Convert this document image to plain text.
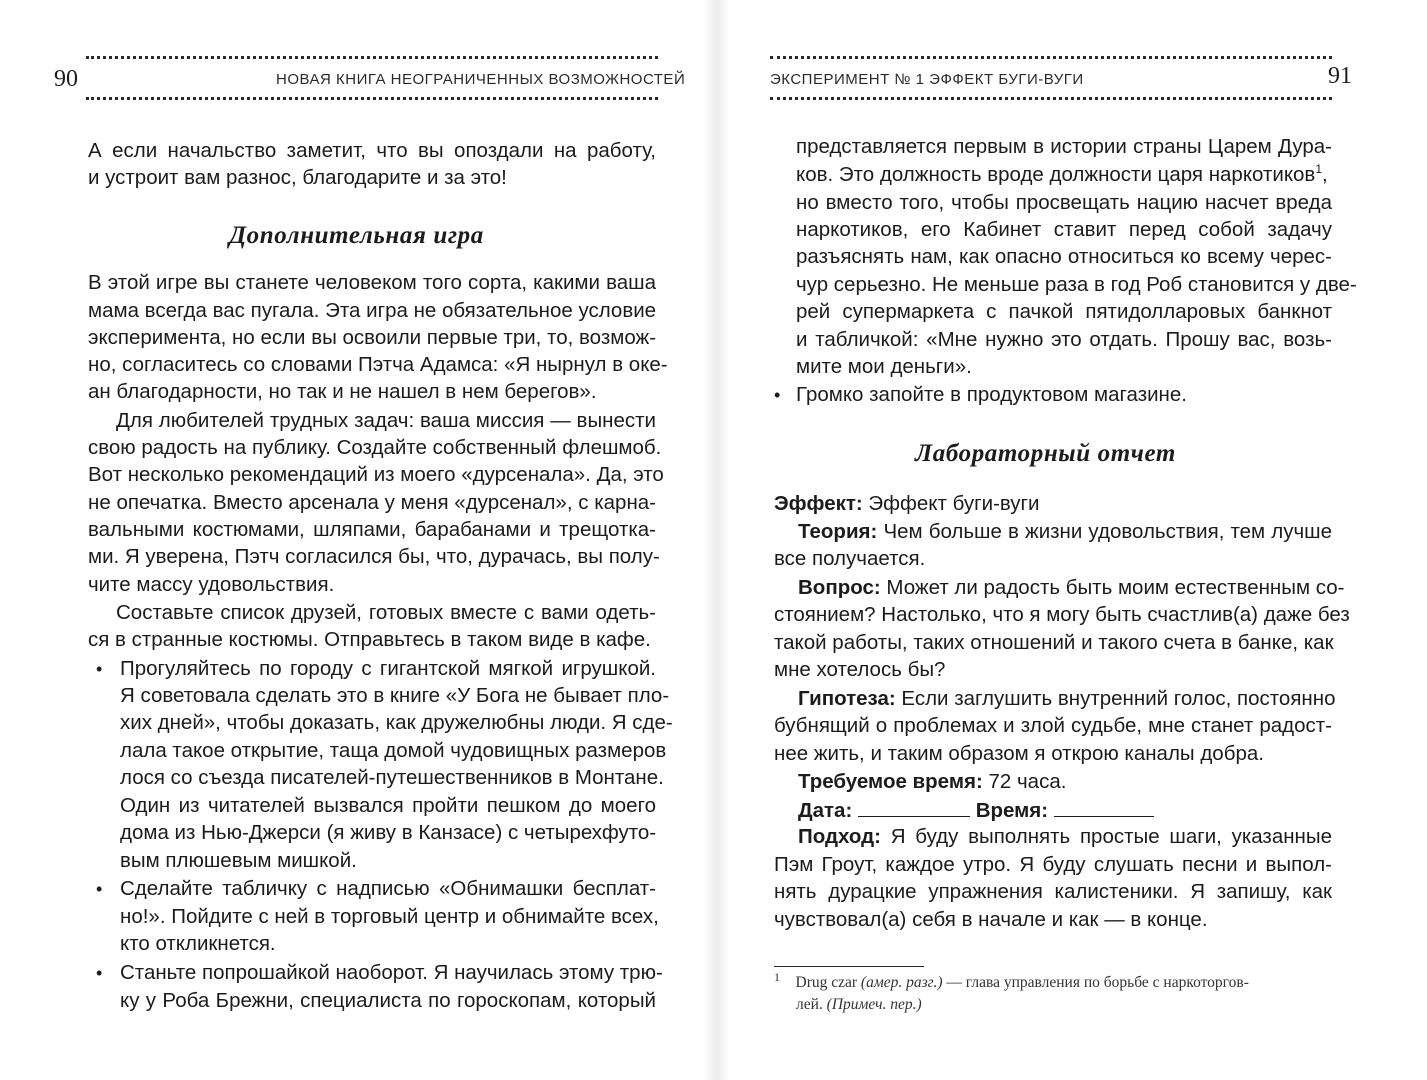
90	НОВАЯ КНИГА НЕОГРАНИЧЕННЫХ ВОЗМОЖНОСТЕЙ
А если начальство заметит, что вы опоздали на работу,
и устроит вам разнос, благодарите и за это!
Дополнительная игра
В этой игре вы станете человеком того сорта, какими ваша
мама всегда вас пугала. Эта игра не обязательное условие
эксперимента, но если вы освоили первые три, то, возмож-
но, согласитесь со словами Пэтча Адамса: «Я нырнул в оке-
ан благодарности, но так и не нашел в нем берегов».
Для любителей трудных задач: ваша миссия — вынести
свою радость на публику. Создайте собственный флешмоб.
Вот несколько рекомендаций из моего «дурсенала». Да, это
не опечатка. Вместо арсенала у меня «дурсенал», с карна-
вальными костюмами, шляпами, барабанами и трещотка-
ми. Я уверена, Пэтч согласился бы, что, дурачась, вы полу-
чите массу удовольствия.
Составьте список друзей, готовых вместе с вами одеть-
ся в странные костюмы. Отправьтесь в таком виде в кафе.
• Прогуляйтесь по городу с гигантской мягкой игрушкой.
Я советовала сделать это в книге «У Бога не бывает пло-
хих дней», чтобы доказать, как дружелюбны люди. Я сде-
лала такое открытие, таща домой чудовищных размеров
лося со съезда писателей-путешественников в Монтане.
Один из читателей вызвался пройти пешком до моего
дома из Нью-Джерси (я живу в Канзасе) с четырехфуто-
вым плюшевым мишкой.
• Сделайте табличку с надписью «Обнимашки бесплат-
но!». Пойдите с ней в торговый центр и обнимайте всех,
кто откликнется.
• Станьте попрошайкой наоборот. Я научилась этому трю-
ку у Роба Брежни, специалиста по гороскопам, который
ЭКСПЕРИМЕНТ № 1 ЭФФЕКТ БУГИ-ВУГИ	91
представляется первым в истории страны Царем Дура-
ков. Это должность вроде должности царя наркотиков$^1$,
но вместо того, чтобы просвещать нацию насчет вреда
наркотиков, его Кабинет ставит перед собой задачу
разъяснять нам, как опасно относиться ко всему черес-
чур серьезно. Не меньше раза в год Роб становится у две-
рей супермаркета с пачкой пятидолларовых банкнот
и табличкой: «Мне нужно это отдать. Прошу вас, возь-
мите мои деньги».
• Громко запойте в продуктовом магазине.
Лабораторный отчет
Эффект: Эффект буги-вуги
Теория: Чем больше в жизни удовольствия, тем лучше
все получается.
Вопрос: Может ли радость быть моим естественным со-
стоянием? Настолько, что я могу быть счастлив(а) даже без
такой работы, таких отношений и такого счета в банке, как
мне хотелось бы?
Гипотеза: Если заглушить внутренний голос, постоянно
бубнящий о проблемах и злой судьбе, мне станет радост-
нее жить, и таким образом я открою каналы добра.
Требуемое время: 72 часа.
Дата:	Время:
Подход: Я буду выполнять простые шаги, указанные
Пэм Гроут, каждое утро. Я буду слушать песни и выпол-
нять дурацкие упражнения калистеники. Я запишу, как
чувствовал(а) себя в начале и как — в конце.
$^1$ Drug czar (амер. разг.) — глава управления по борьбе с наркоторгов-
лей. (Примеч. пер.)
